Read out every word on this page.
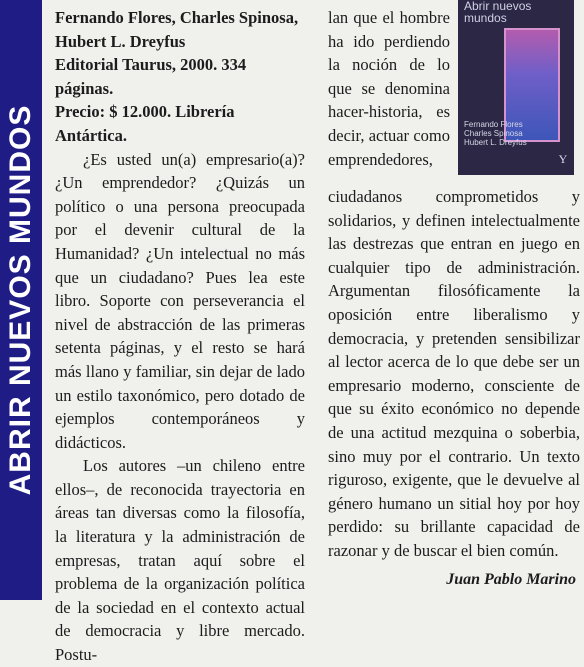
ABRIR NUEVOS MUNDOS
Fernando Flores, Charles Spinosa, Hubert L. Dreyfus
Editorial Taurus, 2000. 334 páginas.
Precio: $ 12.000. Librería Antártica.

¿Es usted un(a) empresario(a)? ¿Un emprendedor? ¿Quizás un político o una persona preocupada por el devenir cultural de la Humanidad? ¿Un intelectual no más que un ciudadano? Pues lea este libro. Soporte con perseverancia el nivel de abstracción de las primeras setenta páginas, y el resto se hará más llano y familiar, sin dejar de lado un estilo taxonómico, pero dotado de ejemplos contemporáneos y didácticos.

Los autores –un chileno entre ellos–, de reconocida trayectoria en áreas tan diversas como la filosofía, la literatura y la administración de empresas, tratan aquí sobre el problema de la organización política de la sociedad en el contexto actual de democracia y libre mercado. Postu-

lan que el hombre ha ido perdiendo la noción de lo que se denomina hacer-historia, es decir, actuar como emprendedores,

Abrir nuevos mundos
Fernando Flores Charles Spinosa Hubert L. Dreyfus
Y

ciudadanos comprometidos y solidarios, y definen intelectualmente las destrezas que entran en juego en cualquier tipo de administración. Argumentan filosóficamente la oposición entre liberalismo y democracia, y pretenden sensibilizar al lector acerca de lo que debe ser un empresario moderno, consciente de que su éxito económico no depende de una actitud mezquina o soberbia, sino muy por el contrario. Un texto riguroso, exigente, que le devuelve al género humano un sitial hoy por hoy perdido: su brillante capacidad de razonar y de buscar el bien común.

Juan Pablo Marino
